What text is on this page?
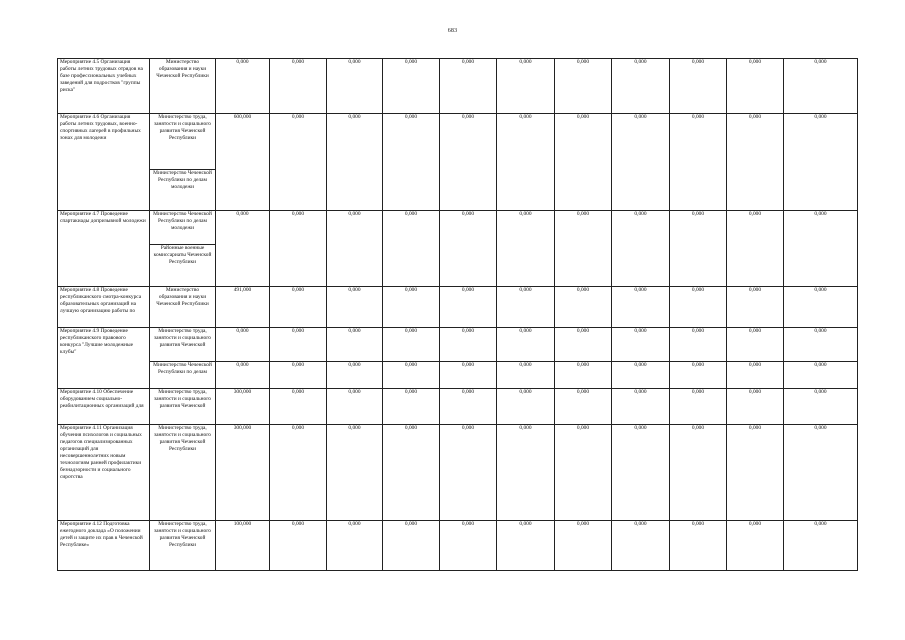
683
Мероприятие 4.5 Организация работы летних трудовых отрядов на базе профессиональных учебных заведений для подростков "группы риска"	Министерство образования и науки Чеченской Республики	0,000	0,000	0,000	0,000	0,000	0,000	0,000	0,000	0,000	0,000	0,000
Мероприятие 4.6 Организация работы летних трудовых, военно-спортивных лагерей в профильных зонах для молодежи	Министерство труда, занятости и социального развития Чеченской Республики	600,000	0,000	0,000	0,000	0,000	0,000	0,000	0,000	0,000	0,000	0,000
	Министерство Чеченской Республики по делам молодежи											
Мероприятие 4.7 Проведение спартакиады допризывной молодежи	Министерство Чеченской Республики по делам молодежи	0,000	0,000	0,000	0,000	0,000	0,000	0,000	0,000	0,000	0,000	0,000
	Районные военные комиссариаты Чеченской Республики											
Мероприятие 4.8 Проведение республиканского смотра-конкурса образовательных организаций на лучшую организацию работы по	Министерство образования и науки Чеченской Республики	491,000	0,000	0,000	0,000	0,000	0,000	0,000	0,000	0,000	0,000	0,000
Мероприятие 4.9 Проведение республиканского правового конкурса "Лучшие молодежные клубы"	Министерство труда, занятости и социального развития Чеченской	0,000	0,000	0,000	0,000	0,000	0,000	0,000	0,000	0,000	0,000	0,000
	Министерство Чеченской Республики по делам	0,000	0,000	0,000	0,000	0,000	0,000	0,000	0,000	0,000	0,000	0,000
Мероприятие 4.10 Обеспечение оборудованием социально- реабилитационных организаций для	Министерство труда, занятости и социального развития Чеченской	300,000	0,000	0,000	0,000	0,000	0,000	0,000	0,000	0,000	0,000	0,000
Мероприятие 4.11 Организация обучения психологов и социальных педагогов специализированных организаций для несовершеннолетних новым технологиям ранней профилактики безнадзорности и социального сиротства	Министерство труда, занятости и социального развития Чеченской Республики	300,000	0,000	0,000	0,000	0,000	0,000	0,000	0,000	0,000	0,000	0,000
Мероприятие 4.12 Подготовка ежегодного доклада «О положении детей и защите их прав в Чеченской Республике»	Министерство труда, занятости и социального развития Чеченской Республики	100,000	0,000	0,000	0,000	0,000	0,000	0,000	0,000	0,000	0,000	0,000
